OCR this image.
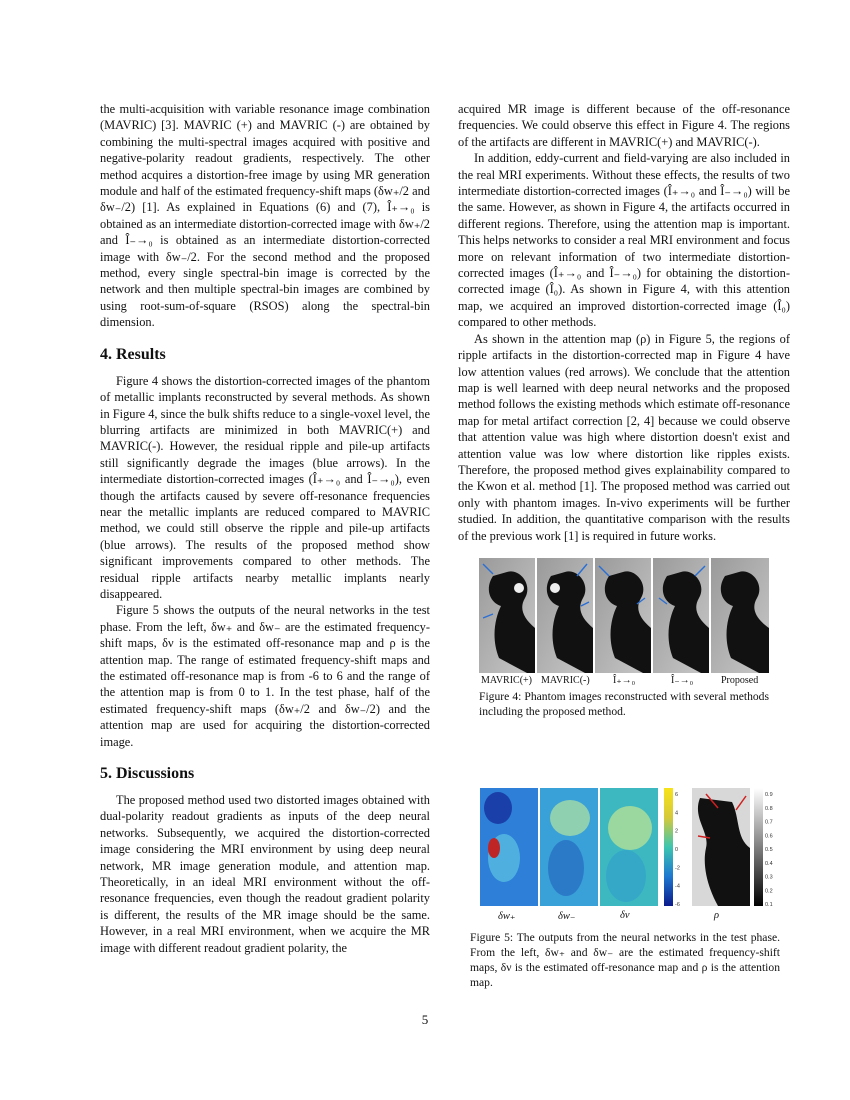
the multi-acquisition with variable resonance image combination (MAVRIC) [3]. MAVRIC (+) and MAVRIC (-) are obtained by combining the multi-spectral images acquired with positive and negative-polarity readout gradients, respectively. The other method acquires a distortion-free image by using MR generation module and half of the estimated frequency-shift maps (δw₊/2 and δw₋/2) [1]. As explained in Equations (6) and (7), Î₊→₀ is obtained as an intermediate distortion-corrected image with δw₊/2 and Î₋→₀ is obtained as an intermediate distortion-corrected image with δw₋/2. For the second method and the proposed method, every single spectral-bin image is corrected by the network and then multiple spectral-bin images are combined by using root-sum-of-square (RSOS) along the spectral-bin dimension.

4. Results

Figure 4 shows the distortion-corrected images of the phantom of metallic implants reconstructed by several methods. As shown in Figure 4, since the bulk shifts reduce to a single-voxel level, the blurring artifacts are minimized in both MAVRIC(+) and MAVRIC(-). However, the residual ripple and pile-up artifacts still significantly degrade the images (blue arrows). In the intermediate distortion-corrected images (Î₊→₀ and Î₋→₀), even though the artifacts caused by severe off-resonance frequencies near the metallic implants are reduced compared to MAVRIC method, we could still observe the ripple and pile-up artifacts (blue arrows). The results of the proposed method show significant improvements compared to other methods. The residual ripple artifacts nearby metallic implants nearly disappeared.

Figure 5 shows the outputs of the neural networks in the test phase. From the left, δw₊ and δw₋ are the estimated frequency-shift maps, δν is the estimated off-resonance map and ρ is the attention map. The range of estimated frequency-shift maps and the estimated off-resonance map is from -6 to 6 and the range of the attention map is from 0 to 1. In the test phase, half of the estimated frequency-shift maps (δw₊/2 and δw₋/2) and the attention map are used for acquiring the distortion-corrected image.

5. Discussions

The proposed method used two distorted images obtained with dual-polarity readout gradients as inputs of the deep neural networks. Subsequently, we acquired the distortion-corrected image considering the MRI environment by using deep neural network, MR image generation module, and attention map. Theoretically, in an ideal MRI environment without the off-resonance frequencies, even though the readout gradient polarity is different, the results of the MR image should be the same. However, in a real MRI environment, when we acquire the MR image with different readout gradient polarity, the

acquired MR image is different because of the off-resonance frequencies. We could observe this effect in Figure 4. The regions of the artifacts are different in MAVRIC(+) and MAVRIC(-).

In addition, eddy-current and field-varying are also included in the real MRI experiments. Without these effects, the results of two intermediate distortion-corrected images (Î₊→₀ and Î₋→₀) will be the same. However, as shown in Figure 4, the artifacts occurred in different regions. Therefore, using the attention map is important. This helps networks to consider a real MRI environment and focus more on relevant information of two intermediate distortion-corrected images (Î₊→₀ and Î₋→₀) for obtaining the distortion-corrected image (Î₀). As shown in Figure 4, with this attention map, we acquired an improved distortion-corrected image (Î₀) compared to other methods.

As shown in the attention map (ρ) in Figure 5, the regions of ripple artifacts in the distortion-corrected map in Figure 4 have low attention values (red arrows). We conclude that the attention map is well learned with deep neural networks and the proposed method follows the existing methods which estimate off-resonance map for metal artifact correction [2, 4] because we could observe that attention value was high where distortion doesn't exist and attention value was low where distortion like ripples exists. Therefore, the proposed method gives explainability compared to the Kwon et al. method [1]. The proposed method was carried out only with phantom images. In-vivo experiments will be further studied. In addition, the quantitative comparison with the results of the previous work [1] is required in future works.

MAVRIC(+) MAVRIC(-) Î₊→₀	Î₋→₀	Proposed
Figure 4: Phantom images reconstructed with several methods including the proposed method.
6
4
2
0
-2
-4
-6
0.9
0.8
0.7
0.6
0.5
0.4
0.3
0.2
0.1
δw₊	δw₋	δν	ρ
Figure 5: The outputs from the neural networks in the test phase. From the left, δw₊ and δw₋ are the estimated frequency-shift maps, δν is the estimated off-resonance map and ρ is the attention map.
5
